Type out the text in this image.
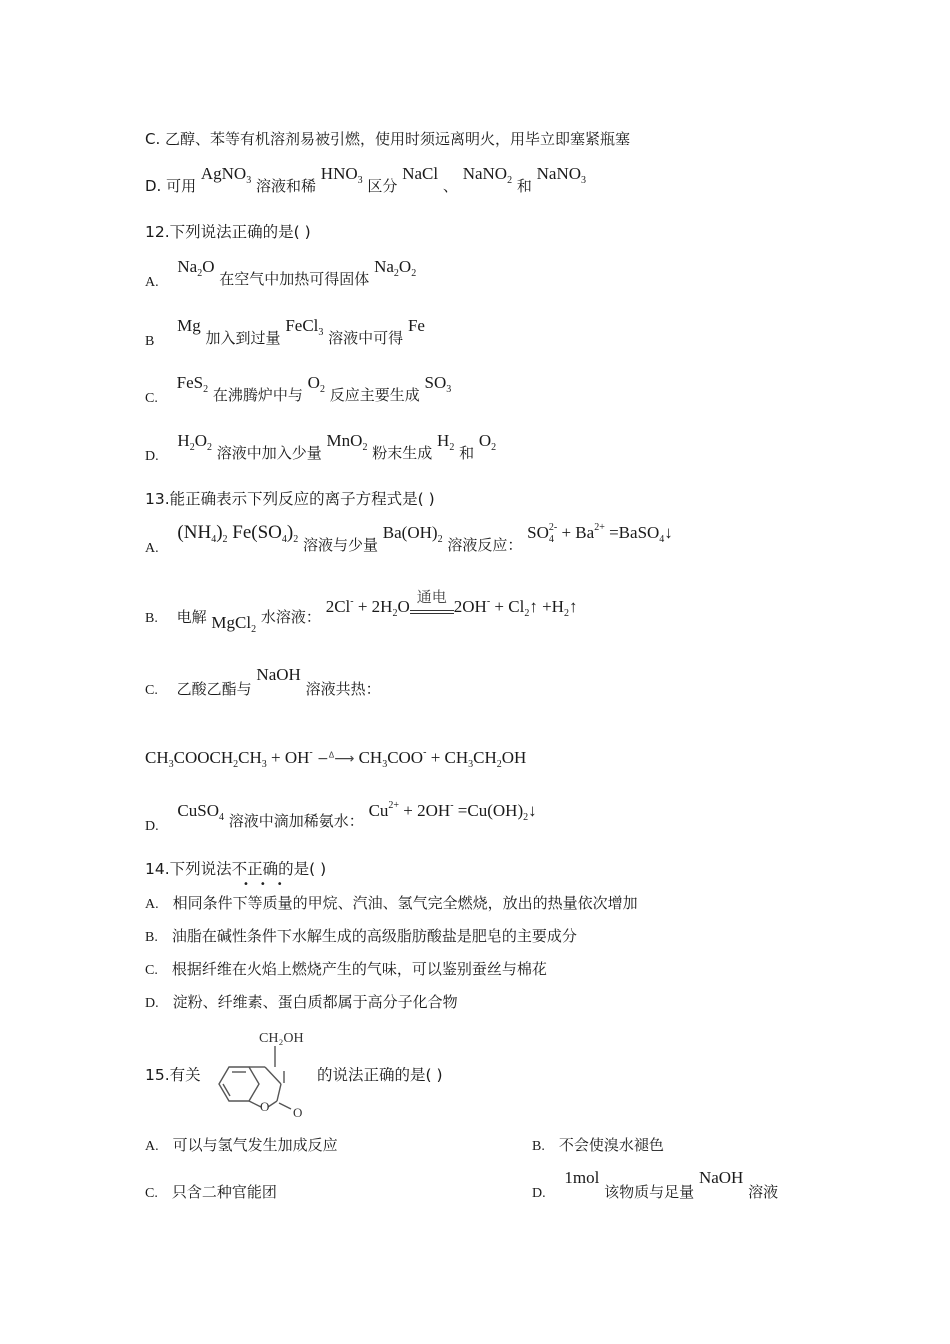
C. 乙醇、苯等有机溶剂易被引燃，使用时须远离明火，用毕立即塞紧瓶塞
D. 可用 AgNO$_3$ 溶液和稀 $HNO_3$ 区分 NaCl 、 NaNO$_2$ 和 NaNO$_3$
12.下列说法正确的是( )
A. $Na_2O$ 在空气中加热可得固体 $Na_2O_2$
B Mg 加入到过量 FeCl$_3$ 溶液中可得 Fe
C. FeS$_2$ 在沸腾炉中与 $O_2$ 反应主要生成 $SO_3$
D. $H_2O_2$ 溶液中加入少量 MnO$_2$ 粉末生成 $H_2$ 和 $O_2$
13.能正确表示下列反应的离子方程式是( )
A. $(NH_4)_2$ $Fe(SO_4)_2$ 溶液与少量 $Ba(OH)_2$ 溶液反应： $SO_4^{2-} + Ba^{2+}$ =BaSO$_4$↓
B. 电解 MgCl$_2$ 水溶液： $2Cl^- + 2H_2O$ 通电 $2OH^- + Cl_2↑$ $+H_2↑$
C. 乙酸乙酯与 NaOH 溶液共热：
$CH_3COOCH_2CH_3 + OH^-$ −$^\Delta$⟶ $CH_3COO^- + CH_3CH_2OH$
D. CuSO$_4$ 溶液中滴加稀氨水： $Cu^{2+} + 2OH^-$ $=Cu(OH)_2↓$
14.下列说法不正确的是( )
•••
A. 相同条件下等质量的甲烷、汽油、氢气完全燃烧，放出的热量依次增加
B. 油脂在碱性条件下水解生成的高级脂肪酸盐是肥皂的主要成分
C. 根据纤维在火焰上燃烧产生的气味，可以鉴别蚕丝与棉花
D. 淀粉、纤维素、蛋白质都属于高分子化合物
15.有关
CH₂OH
O O
的说法正确的是( )
A. 可以与氢气发生加成反应	B. 不会使溴水褪色
C. 只含二种官能团	D. 1mol 该物质与足量 NaOH 溶液
